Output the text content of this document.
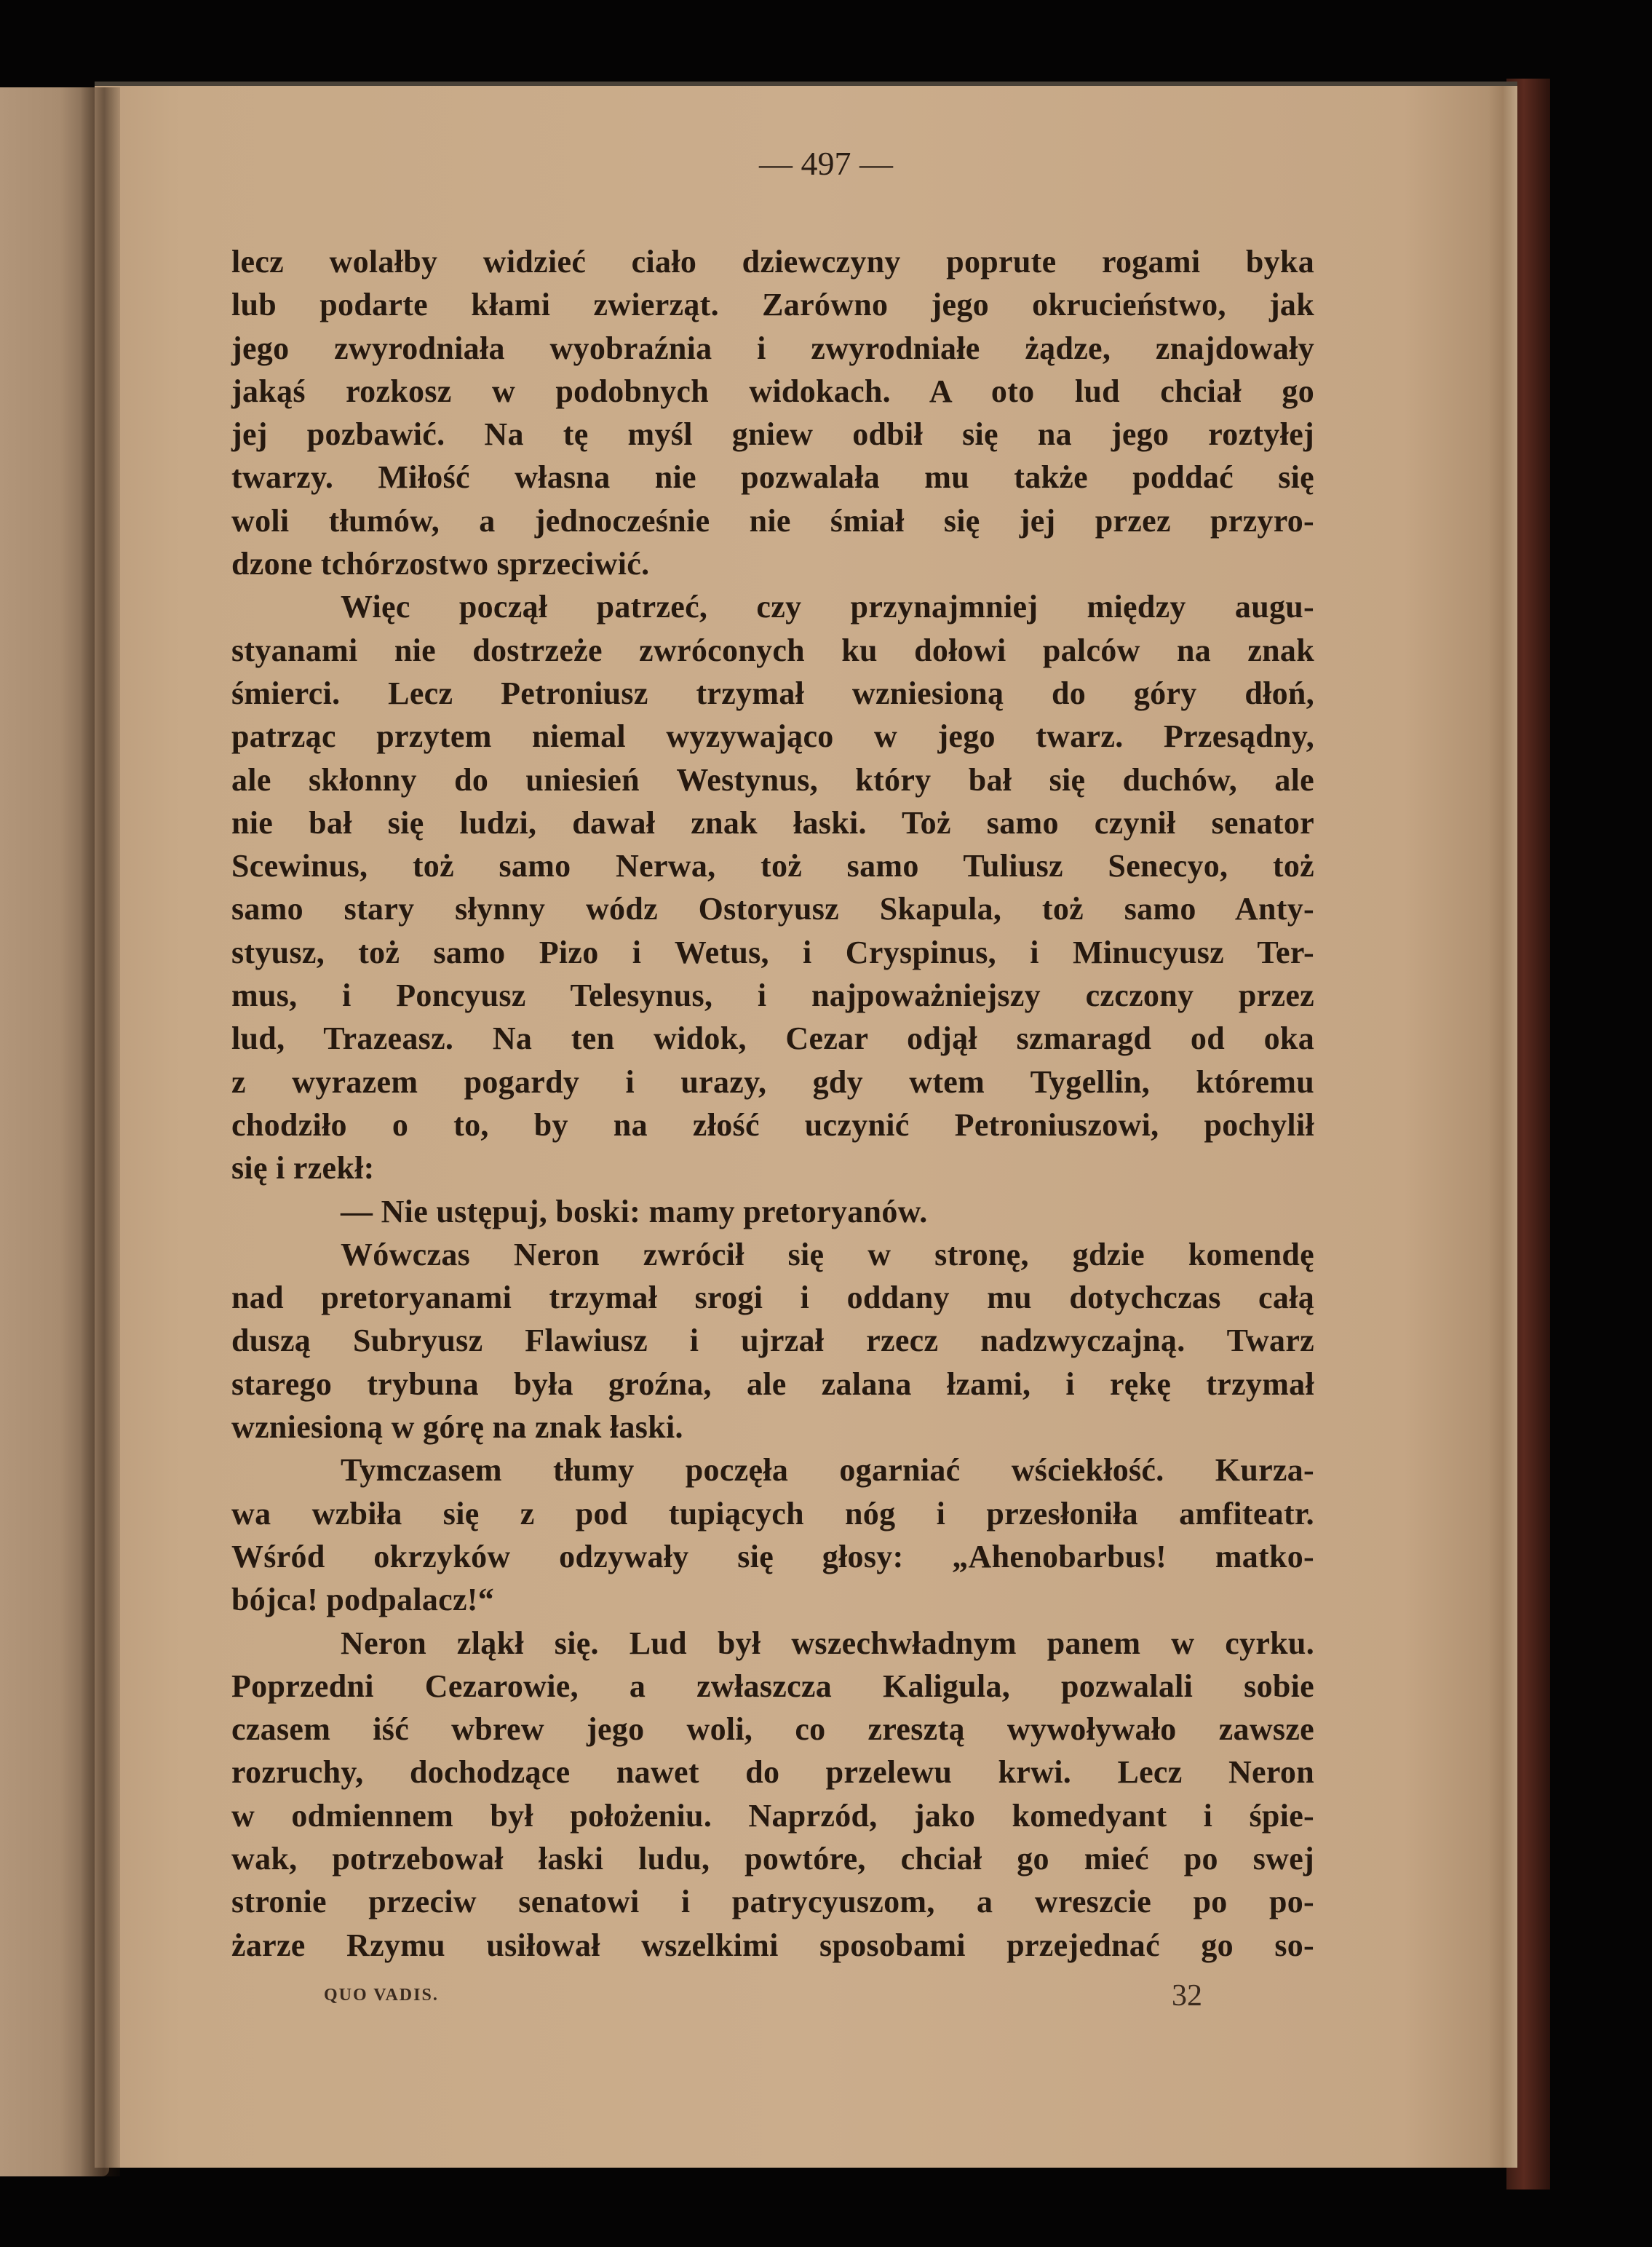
— 497 —
lecz wolałby widzieć ciało dziewczyny poprute rogami byka
lub podarte kłami zwierząt. Zarówno jego okrucieństwo, jak
jego zwyrodniała wyobraźnia i zwyrodniałe żądze, znajdowały
jakąś rozkosz w podobnych widokach. A oto lud chciał go
jej pozbawić. Na tę myśl gniew odbił się na jego roztyłej
twarzy. Miłość własna nie pozwalała mu także poddać się
woli tłumów, a jednocześnie nie śmiał się jej przez przyro-
dzone tchórzostwo sprzeciwić.
Więc począł patrzeć, czy przynajmniej między augu-
styanami nie dostrzeże zwróconych ku dołowi palców na znak
śmierci. Lecz Petroniusz trzymał wzniesioną do góry dłoń,
patrząc przytem niemal wyzywająco w jego twarz. Przesądny,
ale skłonny do uniesień Westynus, który bał się duchów, ale
nie bał się ludzi, dawał znak łaski. Toż samo czynił senator
Scewinus, toż samo Nerwa, toż samo Tuliusz Senecyo, toż
samo stary słynny wódz Ostoryusz Skapula, toż samo Anty-
styusz, toż samo Pizo i Wetus, i Cryspinus, i Minucyusz Ter-
mus, i Poncyusz Telesynus, i najpoważniejszy czczony przez
lud, Trazeasz. Na ten widok, Cezar odjął szmaragd od oka
z wyrazem pogardy i urazy, gdy wtem Tygellin, któremu
chodziło o to, by na złość uczynić Petroniuszowi, pochylił
się i rzekł:
— Nie ustępuj, boski: mamy pretoryanów.
Wówczas Neron zwrócił się w stronę, gdzie komendę
nad pretoryanami trzymał srogi i oddany mu dotychczas całą
duszą Subryusz Flawiusz i ujrzał rzecz nadzwyczajną. Twarz
starego trybuna była groźna, ale zalana łzami, i rękę trzymał
wzniesioną w górę na znak łaski.
Tymczasem tłumy poczęła ogarniać wściekłość. Kurza-
wa wzbiła się z pod tupiących nóg i przesłoniła amfiteatr.
Wśród okrzyków odzywały się głosy: „Ahenobarbus! matko-
bójca! podpalacz!“
Neron zląkł się. Lud był wszechwładnym panem w cyrku.
Poprzedni Cezarowie, a zwłaszcza Kaligula, pozwalali sobie
czasem iść wbrew jego woli, co zresztą wywoływało zawsze
rozruchy, dochodzące nawet do przelewu krwi. Lecz Neron
w odmiennem był położeniu. Naprzód, jako komedyant i śpie-
wak, potrzebował łaski ludu, powtóre, chciał go mieć po swej
stronie przeciw senatowi i patrycyuszom, a wreszcie po po-
żarze Rzymu usiłował wszelkimi sposobami przejednać go so-
QUO VADIS.	32
